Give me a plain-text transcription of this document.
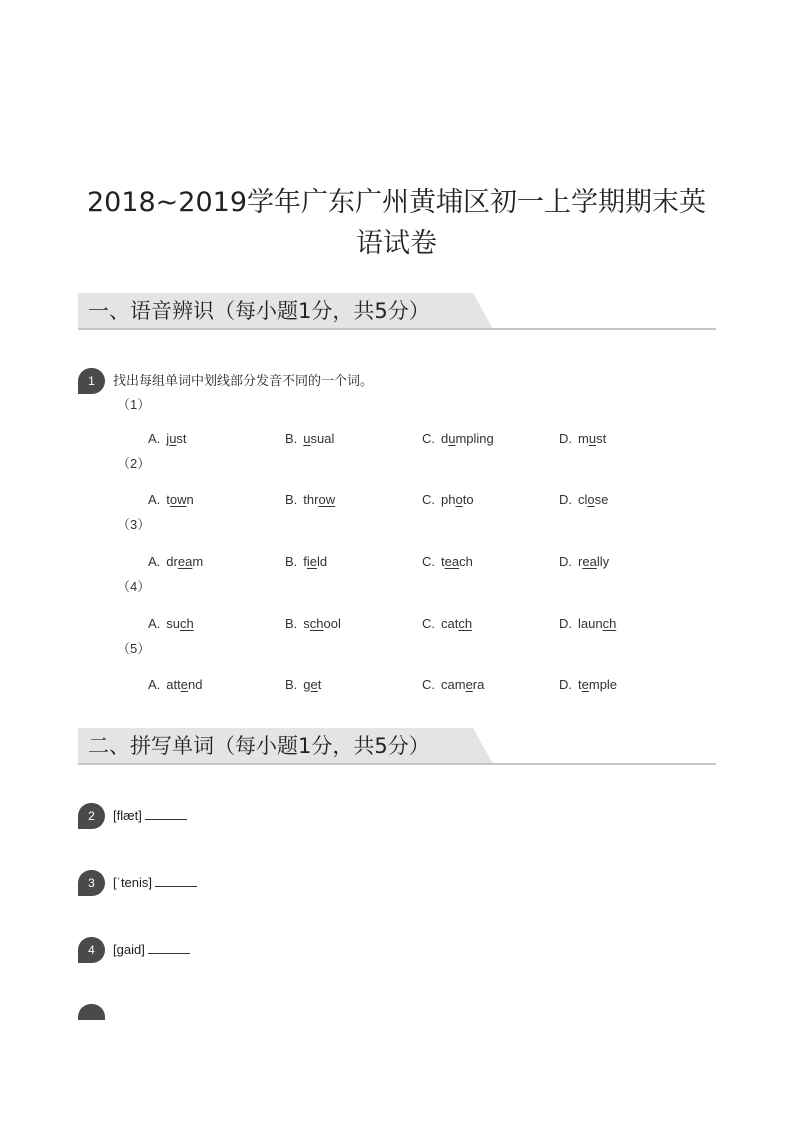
2018~2019学年广东广州黄埔区初一上学期期末英
语试卷
一、语音辨识（每小题1分，共5分）
1	找出每组单词中划线部分发音不同的一个词。
（1）
A. just	B. usual	C. dumpling	D. must
（2）
A. town	B. throw	C. photo	D. close
（3）
A. dream	B. field	C. teach	D. really
（4）
A. such	B. school	C. catch	D. launch
（5）
A. attend	B. get	C. camera	D. temple
二、拼写单词（每小题1分，共5分）
2	[flæt]
3	[ˈtenis]
4	[gaid]
